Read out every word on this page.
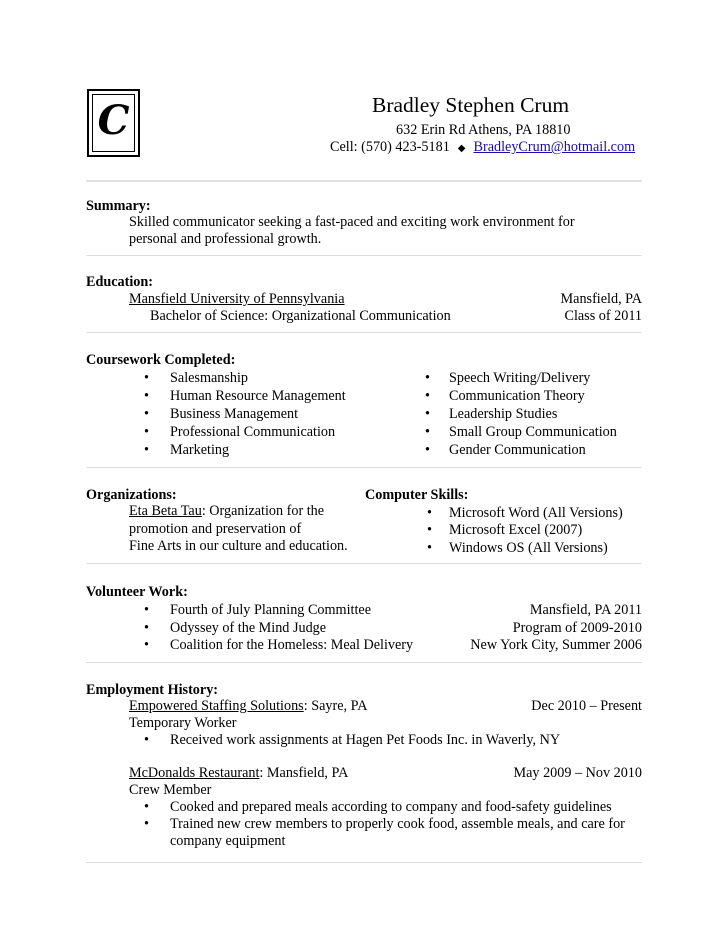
C	Bradley Stephen Crum
632 Erin Rd Athens, PA 18810
Cell: (570) 423-5181 ◆ BradleyCrum@hotmail.com
Summary:
Skilled communicator seeking a fast-paced and exciting work environment for
personal and professional growth.
Education:
Mansfield University of Pennsylvania	Mansfield, PA
Bachelor of Science: Organizational Communication	Class of 2011
Coursework Completed:
• Salesmanship
• Human Resource Management
• Business Management
• Professional Communication
• Marketing
• Speech Writing/Delivery
• Communication Theory
• Leadership Studies
• Small Group Communication
• Gender Communication
Organizations:
Eta Beta Tau: Organization for the
promotion and preservation of
Fine Arts in our culture and education.
Computer Skills:
• Microsoft Word (All Versions)
• Microsoft Excel (2007)
• Windows OS (All Versions)
Volunteer Work:
• Fourth of July Planning Committee	Mansfield, PA 2011
• Odyssey of the Mind Judge	Program of 2009-2010
• Coalition for the Homeless: Meal Delivery	New York City, Summer 2006
Employment History:
Empowered Staffing Solutions: Sayre, PA	Dec 2010 – Present
Temporary Worker
• Received work assignments at Hagen Pet Foods Inc. in Waverly, NY
McDonalds Restaurant: Mansfield, PA	May 2009 – Nov 2010
Crew Member
• Cooked and prepared meals according to company and food-safety guidelines
• Trained new crew members to properly cook food, assemble meals, and care for
company equipment
